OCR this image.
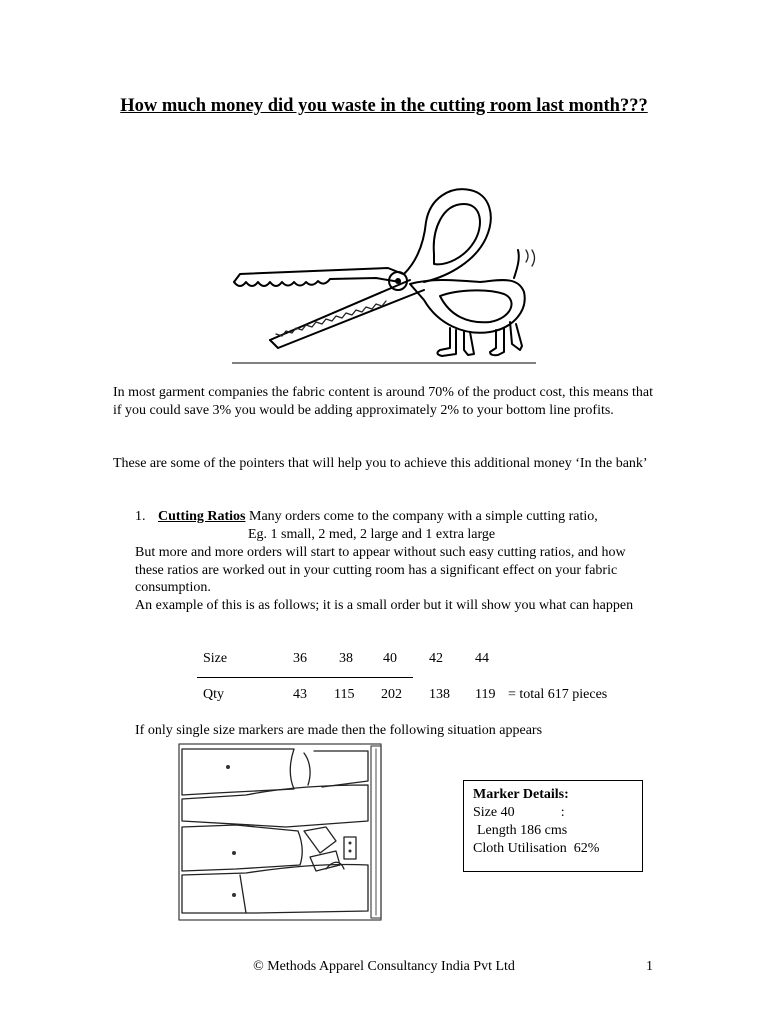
How much money did you waste in the cutting room last month???
In most garment companies the fabric content is around 70% of the product cost, this means that if you could save 3% you would be adding approximately 2% to your bottom line profits.
These are some of the pointers that will help you to achieve this additional money ‘In the bank’
1. Cutting Ratios Many orders come to the company with a simple cutting ratio,
Eg. 1 small, 2 med, 2 large and 1 extra large
But more and more orders will start to appear without such easy cutting ratios, and how these ratios are worked out in your cutting room has a significant effect on your fabric consumption.
An example of this is as follows; it is a small order but it will show you what can happen
Size	36 38 40 42 44
Qty	43 115 202 138 119 = total 617 pieces
If only single size markers are made then the following situation appears
Marker Details:
Size 40	:
Length 186 cms
Cloth Utilisation  62%
© Methods Apparel Consultancy India Pvt Ltd	1
